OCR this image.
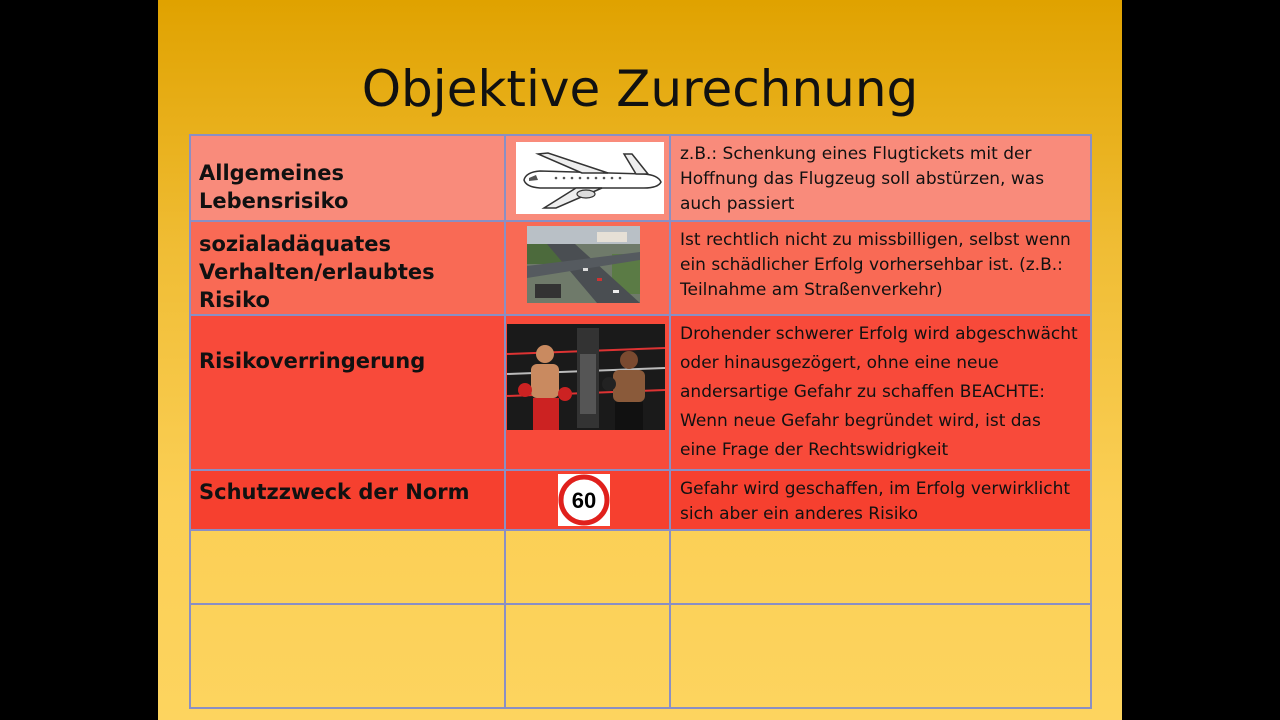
Objektive Zurechnung
Allgemeines Lebensrisiko		z.B.: Schenkung eines Flugtickets mit der Hoffnung das Flugzeug soll abstürzen, was auch passiert

sozialadäquates
Verhalten/erlaubtes Risiko		Ist rechtlich nicht zu missbilligen, selbst wenn ein schädlicher Erfolg vorhersehbar ist. (z.B.: Teilnahme am Straßenverkehr)

Risikoverringerung		Drohender schwerer Erfolg wird abgeschwächt oder hinausgezögert, ohne eine neue andersartige Gefahr zu schaffen BEACHTE: Wenn neue Gefahr begründet wird, ist das eine Frage der Rechtswidrigkeit

Schutzzweck der Norm	60	Gefahr wird geschaffen, im Erfolg verwirklicht sich aber ein anderes Risiko
